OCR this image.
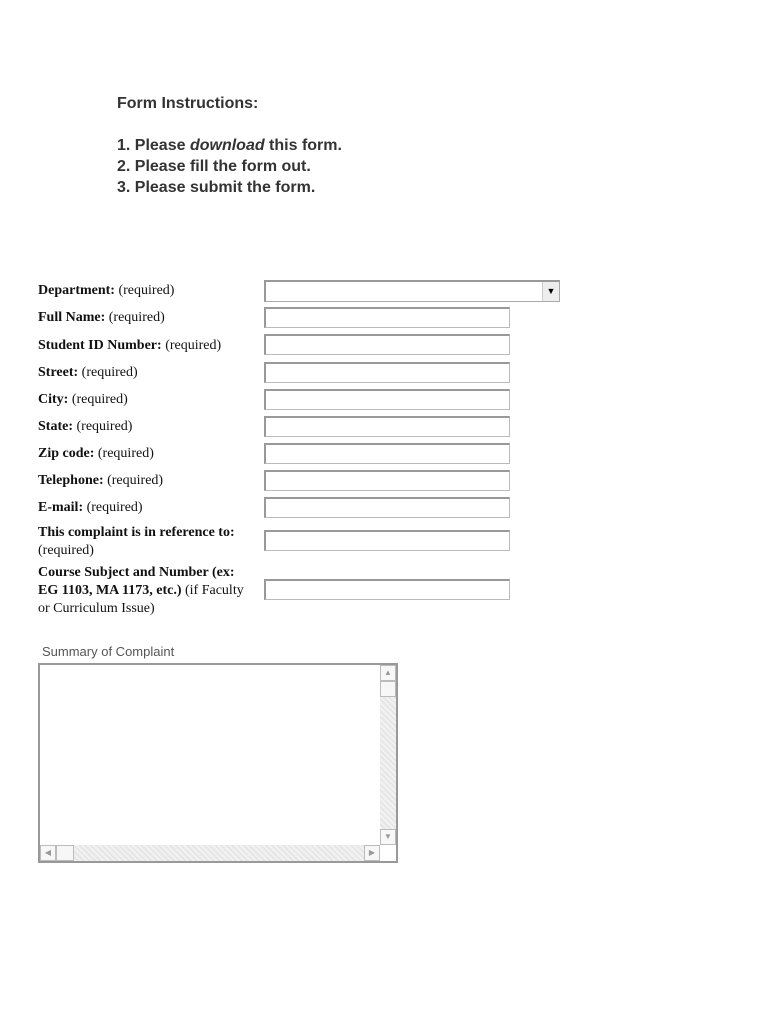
Form Instructions:
1. Please download this form.
2. Please fill the form out.
3. Please submit the form.
Department: (required)	▼
Full Name: (required)
Student ID Number: (required)
Street: (required)
City: (required)
State: (required)
Zip code: (required)
Telephone: (required)
E-mail: (required)
This complaint is in reference to: (required)
Course Subject and Number (ex: EG 1103, MA 1173, etc.) (if Faculty or Curriculum Issue)
Summary of Complaint
▲
▼
◀	▶
